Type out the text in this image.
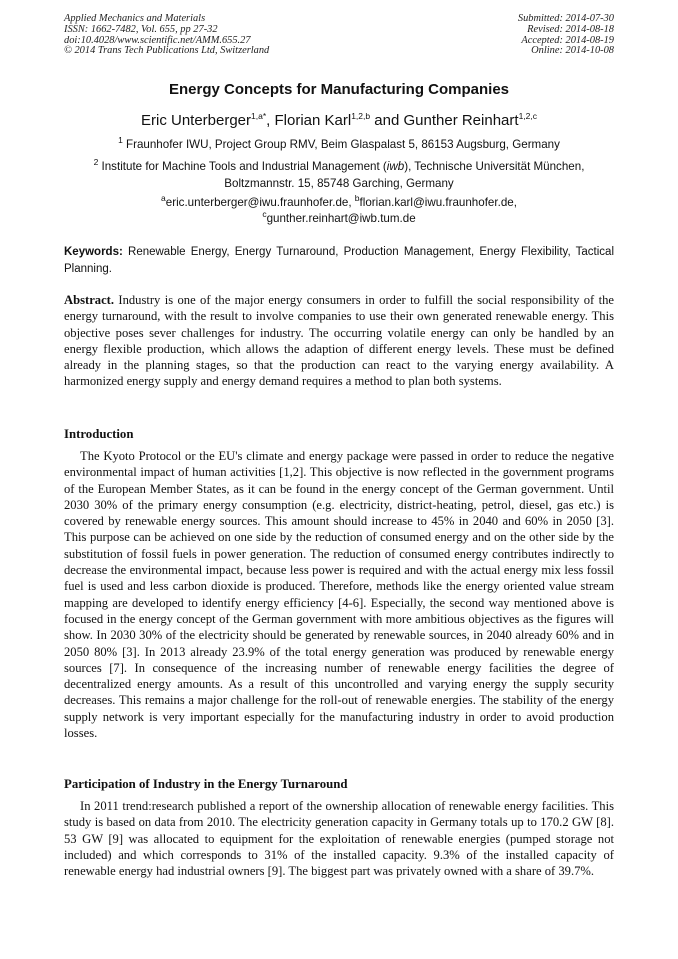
Applied Mechanics and Materials
ISSN: 1662-7482, Vol. 655, pp 27-32
doi:10.4028/www.scientific.net/AMM.655.27
© 2014 Trans Tech Publications Ltd, Switzerland
Submitted: 2014-07-30
Revised: 2014-08-18
Accepted: 2014-08-19
Online: 2014-10-08
Energy Concepts for Manufacturing Companies
Eric Unterberger$^{1,a*}$, Florian Karl$^{1,2,b}$ and Gunther Reinhart$^{1,2,c}$
$^1$ Fraunhofer IWU, Project Group RMV, Beim Glaspalast 5, 86153 Augsburg, Germany
$^2$ Institute for Machine Tools and Industrial Management (iwb), Technische Universität München,
Boltzmannstr. 15, 85748 Garching, Germany
$^a$eric.unterberger@iwu.fraunhofer.de, $^b$florian.karl@iwu.fraunhofer.de,
$^c$gunther.reinhart@iwb.tum.de
Keywords: Renewable Energy, Energy Turnaround, Production Management, Energy Flexibility, Tactical Planning.
Abstract. Industry is one of the major energy consumers in order to fulfill the social responsibility of the energy turnaround, with the result to involve companies to use their own generated renewable energy. This objective poses sever challenges for industry. The occurring volatile energy can only be handled by an energy flexible production, which allows the adaption of different energy levels. These must be defined already in the planning stages, so that the production can react to the varying energy availability. A harmonized energy supply and energy demand requires a method to plan both systems.
Introduction
The Kyoto Protocol or the EU's climate and energy package were passed in order to reduce the negative environmental impact of human activities [1,2]. This objective is now reflected in the government programs of the European Member States, as it can be found in the energy concept of the German government. Until 2030 30% of the primary energy consumption (e.g. electricity, district-heating, petrol, diesel, gas etc.) is covered by renewable energy sources. This amount should increase to 45% in 2040 and 60% in 2050 [3]. This purpose can be achieved on one side by the reduction of consumed energy and on the other side by the substitution of fossil fuels in power generation. The reduction of consumed energy contributes indirectly to decrease the environmental impact, because less power is required and with the actual energy mix less fossil fuel is used and less carbon dioxide is produced. Therefore, methods like the energy oriented value stream mapping are developed to identify energy efficiency [4-6]. Especially, the second way mentioned above is focused in the energy concept of the German government with more ambitious objectives as the figures will show. In 2030 30% of the electricity should be generated by renewable sources, in 2040 already 60% and in 2050 80% [3]. In 2013 already 23.9% of the total energy generation was produced by renewable energy sources [7]. In consequence of the increasing number of renewable energy facilities the degree of decentralized energy amounts. As a result of this uncontrolled and varying energy the supply security decreases. This remains a major challenge for the roll-out of renewable energies. The stability of the energy supply network is very important especially for the manufacturing industry in order to avoid production losses.
Participation of Industry in the Energy Turnaround
In 2011 trend:research published a report of the ownership allocation of renewable energy facilities. This study is based on data from 2010. The electricity generation capacity in Germany totals up to 170.2 GW [8]. 53 GW [9] was allocated to equipment for the exploitation of renewable energies (pumped storage not included) and which corresponds to 31% of the installed capacity. 9.3% of the installed capacity of renewable energy had industrial owners [9]. The biggest part was privately owned with a share of 39.7%.
